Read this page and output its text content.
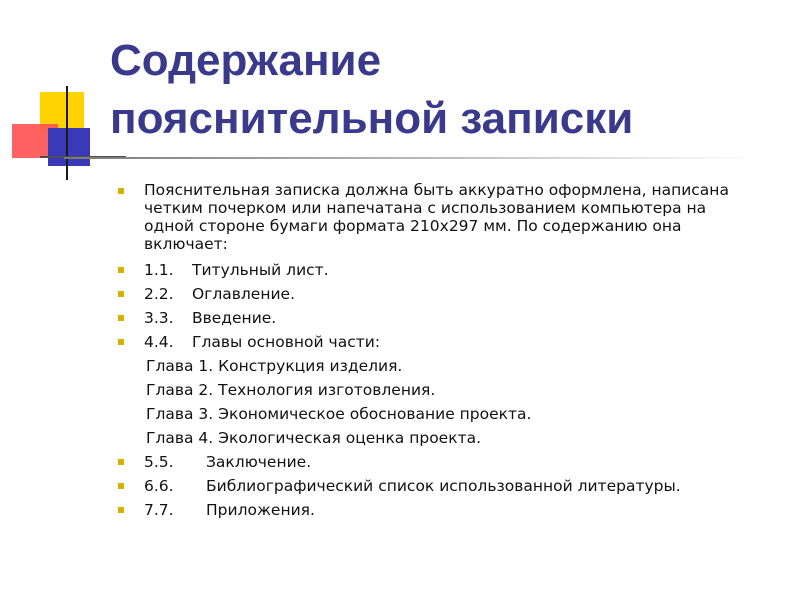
Содержание
пояснительной записки
Пояснительная записка должна быть аккуратно оформлена, написана четким почерком или напечатана с использованием компьютера на одной стороне бумаги формата 210х297 мм. По содержанию она включает:
1.1. Титульный лист.
2.2. Оглавление.
3.3. Введение.
4.4. Главы основной части:
Глава 1. Конструкция изделия.
Глава 2. Технология изготовления.
Глава 3. Экономическое обоснование проекта.
Глава 4. Экологическая оценка проекта.
5.5. Заключение.
6.6. Библиографический список использованной литературы.
7.7. Приложения.
